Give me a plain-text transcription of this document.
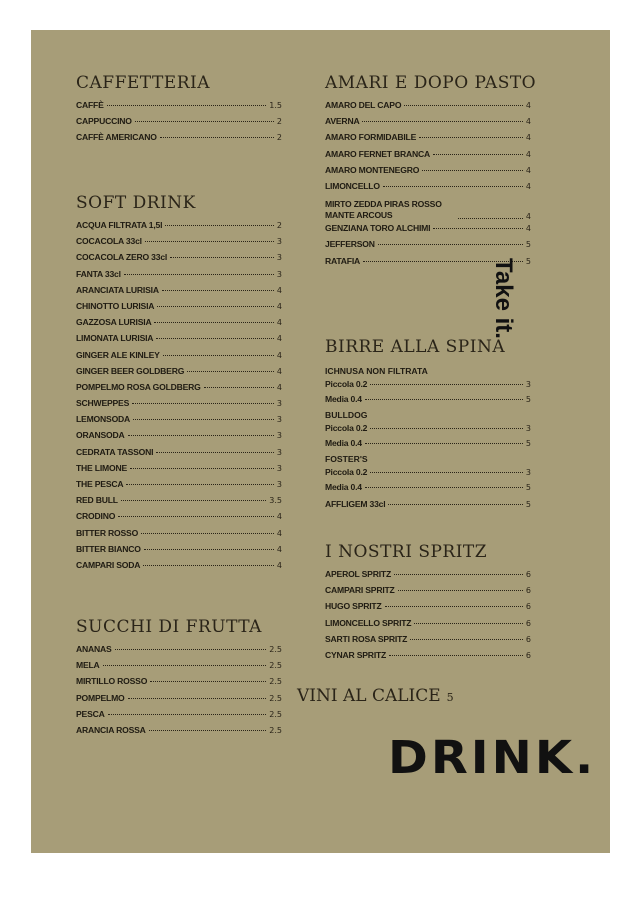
CAFFETTERIA
CAFFÈ	1.5
CAPPUCCINO	2
CAFFÈ AMERICANO	2
SOFT DRINK
ACQUA FILTRATA 1,5l	2
COCACOLA 33cl	3
COCACOLA ZERO 33cl	3
FANTA 33cl	3
ARANCIATA LURISIA	4
CHINOTTO LURISIA	4
GAZZOSA LURISIA	4
LIMONATA LURISIA	4
GINGER ALE KINLEY	4
GINGER BEER GOLDBERG	4
POMPELMO ROSA GOLDBERG	4
SCHWEPPES	3
LEMONSODA	3
ORANSODA	3
CEDRATA TASSONI	3
THE LIMONE	3
THE PESCA	3
RED BULL	3.5
CRODINO	4
BITTER ROSSO	4
BITTER BIANCO	4
CAMPARI SODA	4
SUCCHI DI FRUTTA
ANANAS	2.5
MELA	2.5
MIRTILLO ROSSO	2.5
POMPELMO	2.5
PESCA	2.5
ARANCIA ROSSA	2.5
AMARI E DOPO PASTO
AMARO DEL CAPO	4
AVERNA	4
AMARO FORMIDABILE	4
AMARO FERNET BRANCA	4
AMARO MONTENEGRO	4
LIMONCELLO	4
MIRTO ZEDDA PIRAS ROSSO MANTE ARCOUS	4
GENZIANA TORO ALCHIMI	4
JEFFERSON	5
RATAFIA	5
BIRRE ALLA SPINA
ICHNUSA NON FILTRATA
Piccola 0.2	3
Media 0.4	5
BULLDOG
Piccola 0.2	3
Media 0.4	5
FOSTER'S
Piccola 0.2	3
Media 0.4	5
AFFLIGEM 33cl	5
I NOSTRI SPRITZ
APEROL SPRITZ	6
CAMPARI SPRITZ	6
HUGO SPRITZ	6
LIMONCELLO SPRITZ	6
SARTI ROSA SPRITZ	6
CYNAR SPRITZ	6
VINI AL CALICE 5
DRINK.
Take it.
